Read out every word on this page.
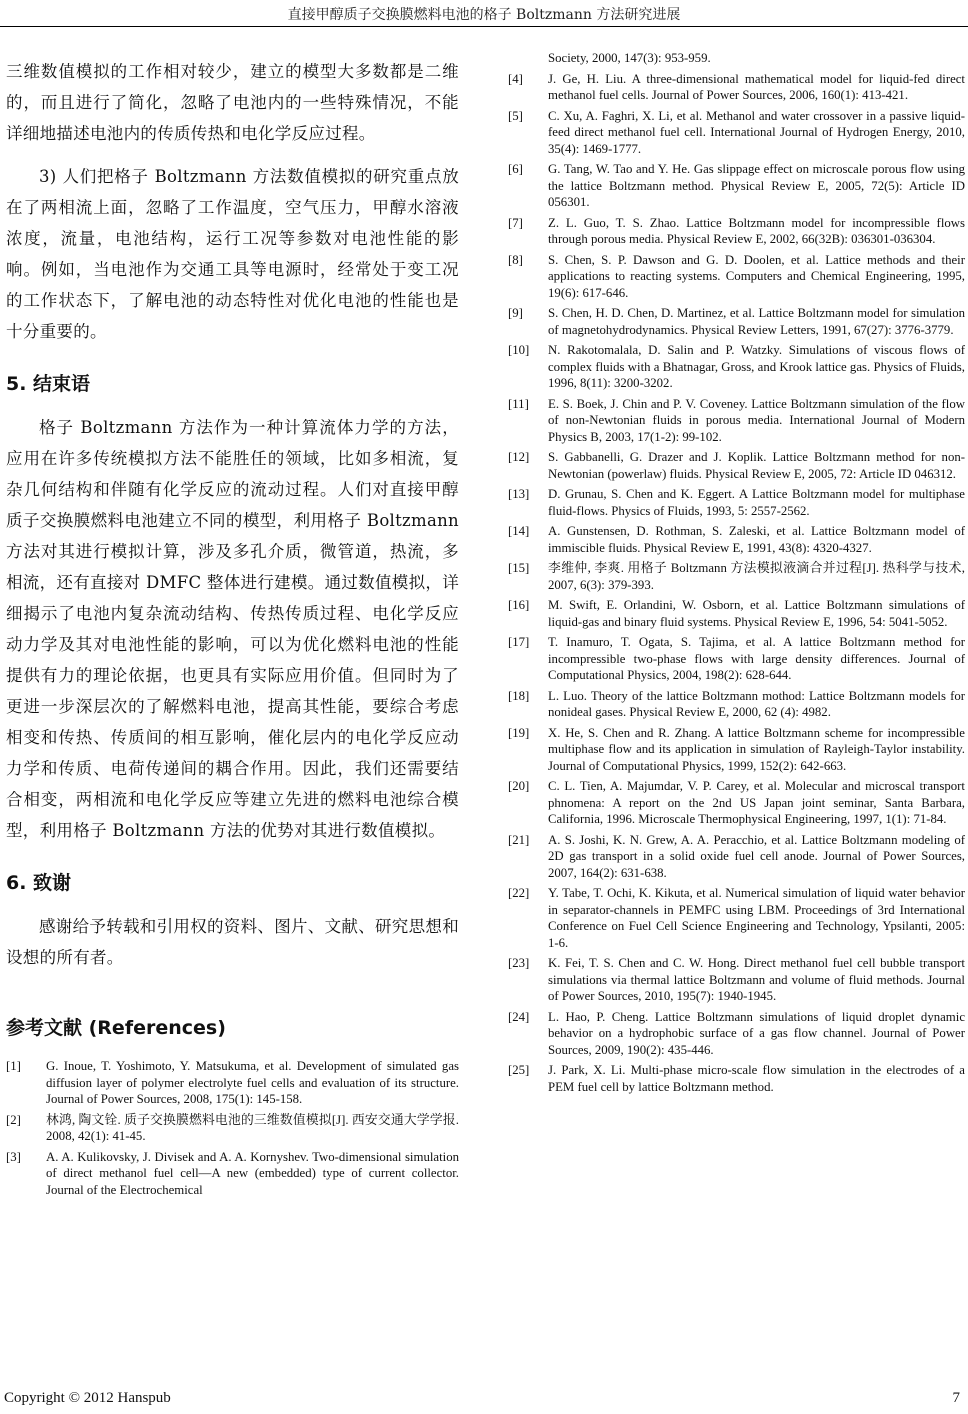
直接甲醇质子交换膜燃料电池的格子 Boltzmann 方法研究进展

三维数值模拟的工作相对较少，建立的模型大多数都是二维的，而且进行了简化，忽略了电池内的一些特殊情况，不能详细地描述电池内的传质传热和电化学反应过程。

3) 人们把格子 Boltzmann 方法数值模拟的研究重点放在了两相流上面，忽略了工作温度，空气压力，甲醇水溶液浓度，流量，电池结构，运行工况等参数对电池性能的影响。例如，当电池作为交通工具等电源时，经常处于变工况的工作状态下，了解电池的动态特性对优化电池的性能也是十分重要的。

5. 结束语

格子 Boltzmann 方法作为一种计算流体力学的方法，应用在许多传统模拟方法不能胜任的领域，比如多相流，复杂几何结构和伴随有化学反应的流动过程。人们对直接甲醇质子交换膜燃料电池建立不同的模型，利用格子 Boltzmann 方法对其进行模拟计算，涉及多孔介质，微管道，热流，多相流，还有直接对 DMFC 整体进行建模。通过数值模拟，详细揭示了电池内复杂流动结构、传热传质过程、电化学反应动力学及其对电池性能的影响，可以为优化燃料电池的性能提供有力的理论依据，也更具有实际应用价值。但同时为了更进一步深层次的了解燃料电池，提高其性能，要综合考虑相变和传热、传质间的相互影响，催化层内的电化学反应动力学和传质、电荷传递间的耦合作用。因此，我们还需要结合相变，两相流和电化学反应等建立先进的燃料电池综合模型，利用格子 Boltzmann 方法的优势对其进行数值模拟。

6. 致谢

感谢给予转载和引用权的资料、图片、文献、研究思想和设想的所有者。

参考文献 (References)
[1]	G. Inoue, T. Yoshimoto, Y. Matsukuma, et al. Development of simulated gas diffusion layer of polymer electrolyte fuel cells and evaluation of its structure. Journal of Power Sources, 2008, 175(1): 145-158.
[2]	林鸿, 陶文铨. 质子交换膜燃料电池的三维数值模拟[J]. 西安交通大学学报. 2008, 42(1): 41-45.
[3]	A. A. Kulikovsky, J. Divisek and A. A. Kornyshev. Two-dimensional simulation of direct methanol fuel cell—A new (embedded) type of current collector. Journal of the Electrochemical
Society, 2000, 147(3): 953-959.
[4]	J. Ge, H. Liu. A three-dimensional mathematical model for liquid-fed direct methanol fuel cells. Journal of Power Sources, 2006, 160(1): 413-421.
[5]	C. Xu, A. Faghri, X. Li, et al. Methanol and water crossover in a passive liquid-feed direct methanol fuel cell. International Journal of Hydrogen Energy, 2010, 35(4): 1469-1777.
[6]	G. Tang, W. Tao and Y. He. Gas slippage effect on microscale porous flow using the lattice Boltzmann method. Physical Review E, 2005, 72(5): Article ID 056301.
[7]	Z. L. Guo, T. S. Zhao. Lattice Boltzmann model for incompressible flows through porous media. Physical Review E, 2002, 66(32B): 036301-036304.
[8]	S. Chen, S. P. Dawson and G. D. Doolen, et al. Lattice methods and their applications to reacting systems. Computers and Chemical Engineering, 1995, 19(6): 617-646.
[9]	S. Chen, H. D. Chen, D. Martinez, et al. Lattice Boltzmann model for simulation of magnetohydrodynamics. Physical Review Letters, 1991, 67(27): 3776-3779.
[10]	N. Rakotomalala, D. Salin and P. Watzky. Simulations of viscous flows of complex fluids with a Bhatnagar, Gross, and Krook lattice gas. Physics of Fluids, 1996, 8(11): 3200-3202.
[11]	E. S. Boek, J. Chin and P. V. Coveney. Lattice Boltzmann simulation of the flow of non-Newtonian fluids in porous media. International Journal of Modern Physics B, 2003, 17(1-2): 99-102.
[12]	S. Gabbanelli, G. Drazer and J. Koplik. Lattice Boltzmann method for non-Newtonian (powerlaw) fluids. Physical Review E, 2005, 72: Article ID 046312.
[13]	D. Grunau, S. Chen and K. Eggert. A Lattice Boltzmann model for multiphase fluid-flows. Physics of Fluids, 1993, 5: 2557-2562.
[14]	A. Gunstensen, D. Rothman, S. Zaleski, et al. Lattice Boltzmann model of immiscible fluids. Physical Review E, 1991, 43(8): 4320-4327.
[15]	李维仲, 李爽. 用格子 Boltzmann 方法模拟液滴合并过程[J]. 热科学与技术, 2007, 6(3): 379-393.
[16]	M. Swift, E. Orlandini, W. Osborn, et al. Lattice Boltzmann simulations of liquid-gas and binary fluid systems. Physical Review E, 1996, 54: 5041-5052.
[17]	T. Inamuro, T. Ogata, S. Tajima, et al. A lattice Boltzmann method for incompressible two-phase flows with large density differences. Journal of Computational Physics, 2004, 198(2): 628-644.
[18]	L. Luo. Theory of the lattice Boltzmann mothod: Lattice Boltzmann models for nonideal gases. Physical Review E, 2000, 62 (4): 4982.
[19]	X. He, S. Chen and R. Zhang. A lattice Boltzmann scheme for incompressible multiphase flow and its application in simulation of Rayleigh-Taylor instability. Journal of Computational Physics, 1999, 152(2): 642-663.
[20]	C. L. Tien, A. Majumdar, V. P. Carey, et al. Molecular and microscal transport phnomena: A report on the 2nd US Japan joint seminar, Santa Barbara, California, 1996. Microscale Thermophysical Engineering, 1997, 1(1): 71-84.
[21]	A. S. Joshi, K. N. Grew, A. A. Peracchio, et al. Lattice Boltzmann modeling of 2D gas transport in a solid oxide fuel cell anode. Journal of Power Sources, 2007, 164(2): 631-638.
[22]	Y. Tabe, T. Ochi, K. Kikuta, et al. Numerical simulation of liquid water behavior in separator-channels in PEMFC using LBM. Proceedings of 3rd International Conference on Fuel Cell Science Engineering and Technology, Ypsilanti, 2005: 1-6.
[23]	K. Fei, T. S. Chen and C. W. Hong. Direct methanol fuel cell bubble transport simulations via thermal lattice Boltzmann and volume of fluid methods. Journal of Power Sources, 2010, 195(7): 1940-1945.
[24]	L. Hao, P. Cheng. Lattice Boltzmann simulations of liquid droplet dynamic behavior on a hydrophobic surface of a gas flow channel. Journal of Power Sources, 2009, 190(2): 435-446.
[25]	J. Park, X. Li. Multi-phase micro-scale flow simulation in the electrodes of a PEM fuel cell by lattice Boltzmann method.
Copyright © 2012 Hanspub	7
